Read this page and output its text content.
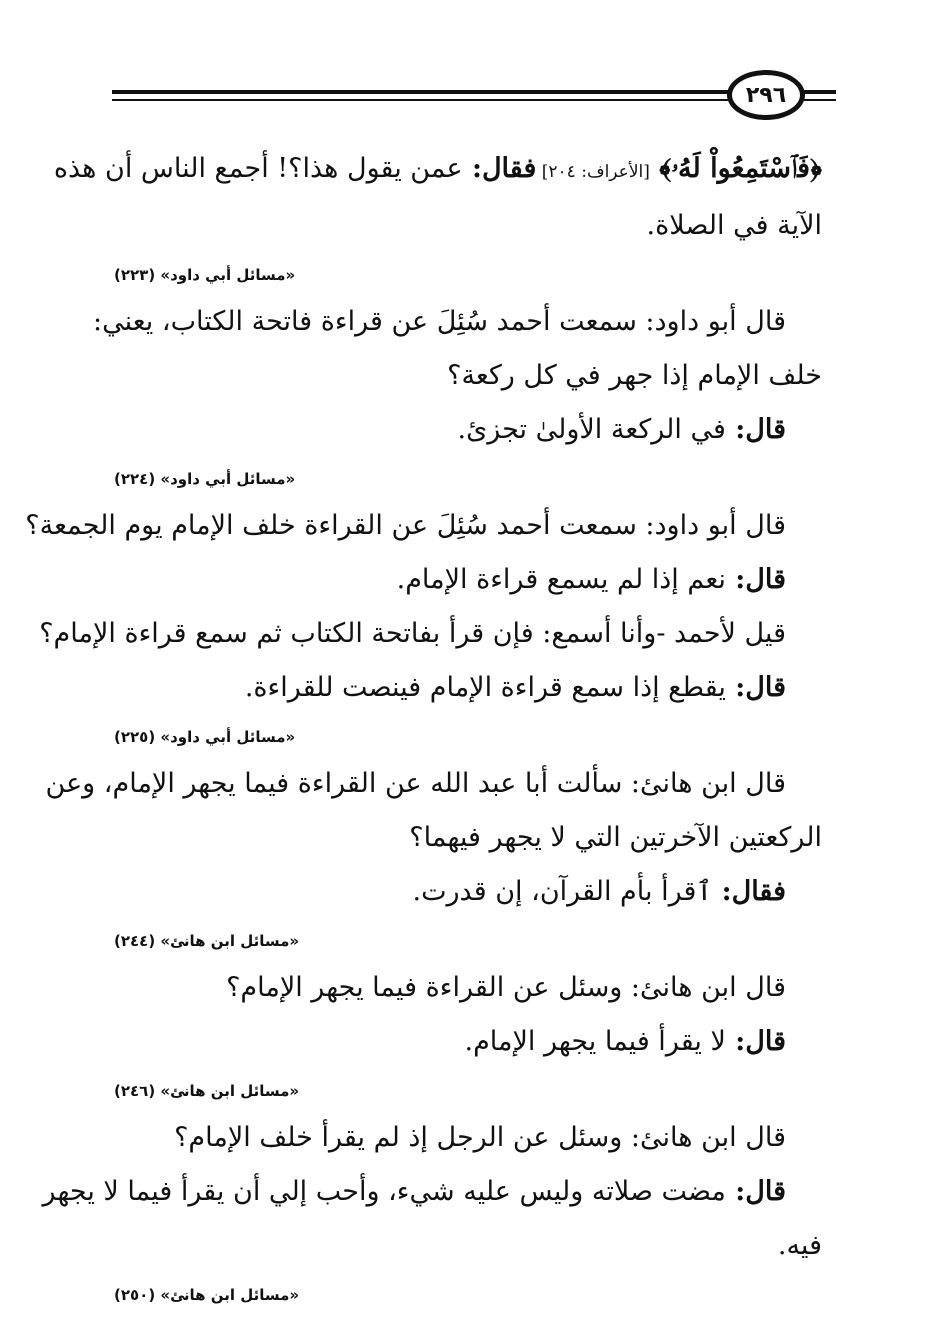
٢٩٦
﴿فَٱسْتَمِعُواْ لَهُۥ﴾ [الأعراف: ٢٠٤] فقال: عمن يقول هذا؟! أجمع الناس أن هذه
الآية في الصلاة.
«مسائل أبي داود» (٢٢٣)
قال أبو داود: سمعت أحمد سُئِلَ عن قراءة فاتحة الكتاب، يعني:
خلف الإمام إذا جهر في كل ركعة؟
قال: في الركعة الأولىٰ تجزئ.
«مسائل أبي داود» (٢٢٤)
قال أبو داود: سمعت أحمد سُئِلَ عن القراءة خلف الإمام يوم الجمعة؟
قال: نعم إذا لم يسمع قراءة الإمام.
قيل لأحمد -وأنا أسمع: فإن قرأ بفاتحة الكتاب ثم سمع قراءة الإمام؟
قال: يقطع إذا سمع قراءة الإمام فينصت للقراءة.
«مسائل أبي داود» (٢٢٥)
قال ابن هانئ: سألت أبا عبد الله عن القراءة فيما يجهر الإمام، وعن
الركعتين الآخرتين التي لا يجهر فيهما؟
فقال: ٱقرأ بأم القرآن، إن قدرت.
«مسائل ابن هانئ» (٢٤٤)
قال ابن هانئ: وسئل عن القراءة فيما يجهر الإمام؟
قال: لا يقرأ فيما يجهر الإمام.
«مسائل ابن هانئ» (٢٤٦)
قال ابن هانئ: وسئل عن الرجل إذ لم يقرأ خلف الإمام؟
قال: مضت صلاته وليس عليه شيء، وأحب إلي أن يقرأ فيما لا يجهر
فيه.
«مسائل ابن هانئ» (٢٥٠)
